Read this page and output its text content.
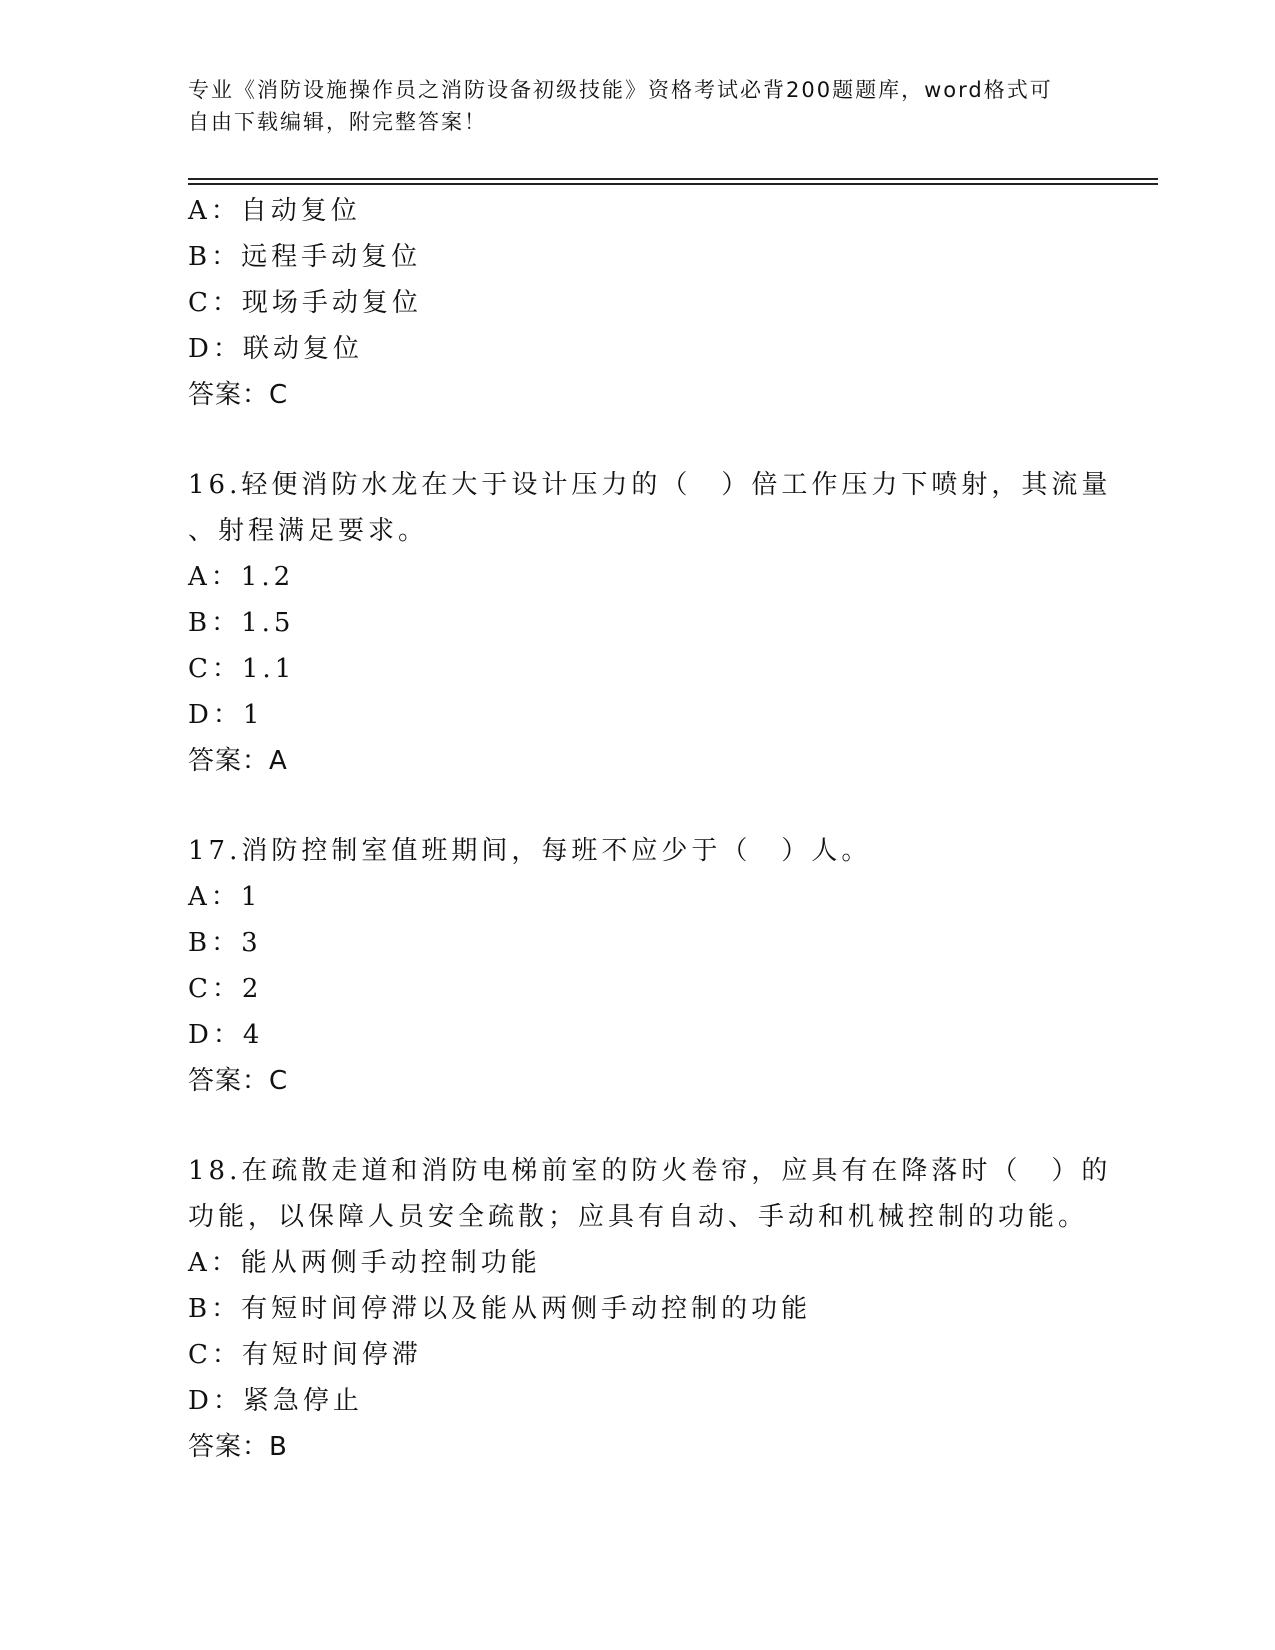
专业《消防设施操作员之消防设备初级技能》资格考试必背200题题库，word格式可自由下载编辑，附完整答案！
A：自动复位
B：远程手动复位
C：现场手动复位
D：联动复位
答案：C
16.轻便消防水龙在大于设计压力的（　）倍工作压力下喷射，其流量
、射程满足要求。
A：1.2
B：1.5
C：1.1
D：1
答案：A
17.消防控制室值班期间，每班不应少于（　）人。
A：1
B：3
C：2
D：4
答案：C
18.在疏散走道和消防电梯前室的防火卷帘，应具有在降落时（　）的
功能，以保障人员安全疏散；应具有自动、手动和机械控制的功能。
A：能从两侧手动控制功能
B：有短时间停滞以及能从两侧手动控制的功能
C：有短时间停滞
D：紧急停止
答案：B
